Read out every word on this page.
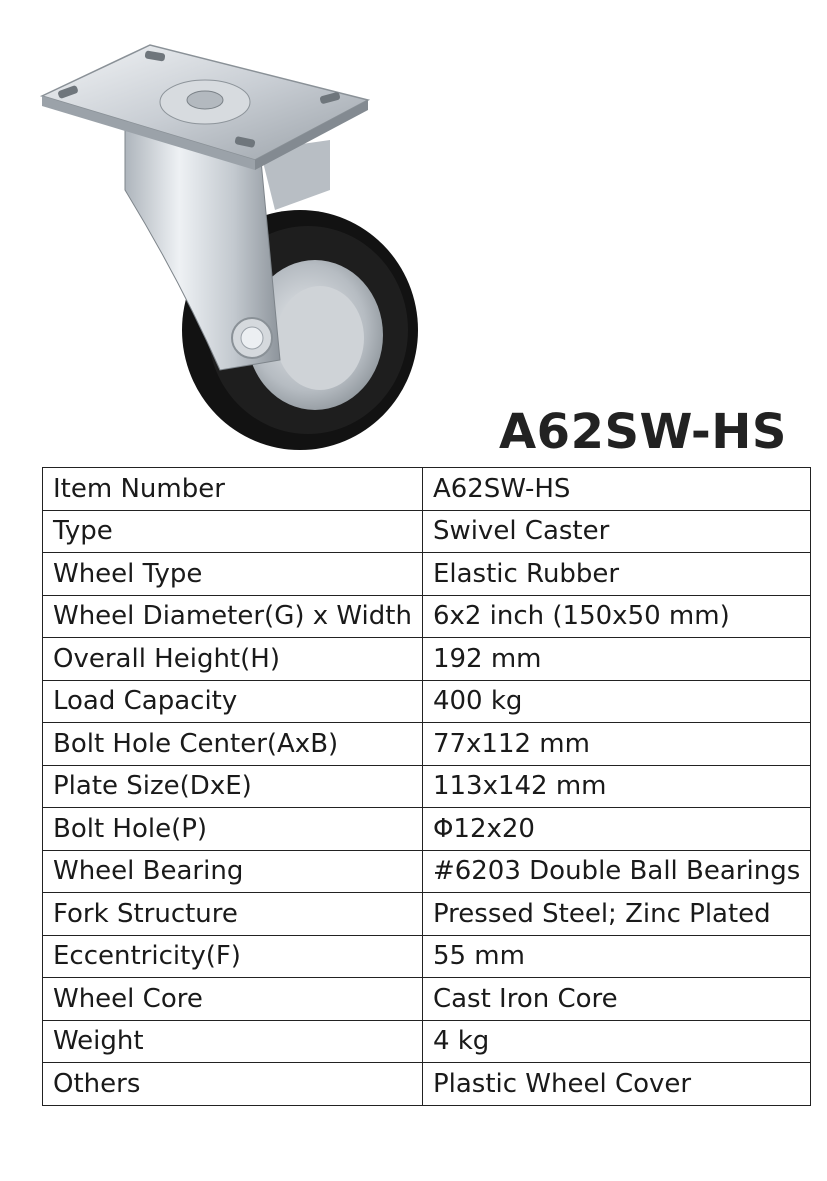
A62SW-HS
Item Number	A62SW-HS
Type	Swivel Caster
Wheel Type	Elastic Rubber
Wheel Diameter(G) x Width	6x2 inch (150x50 mm)
Overall Height(H)	192 mm
Load Capacity	400 kg
Bolt Hole Center(AxB)	77x112 mm
Plate Size(DxE)	113x142 mm
Bolt Hole(P)	Φ12x20
Wheel Bearing	#6203 Double Ball Bearings
Fork Structure	Pressed Steel; Zinc Plated
Eccentricity(F)	55 mm
Wheel Core	Cast Iron Core
Weight	4 kg
Others	Plastic Wheel Cover
